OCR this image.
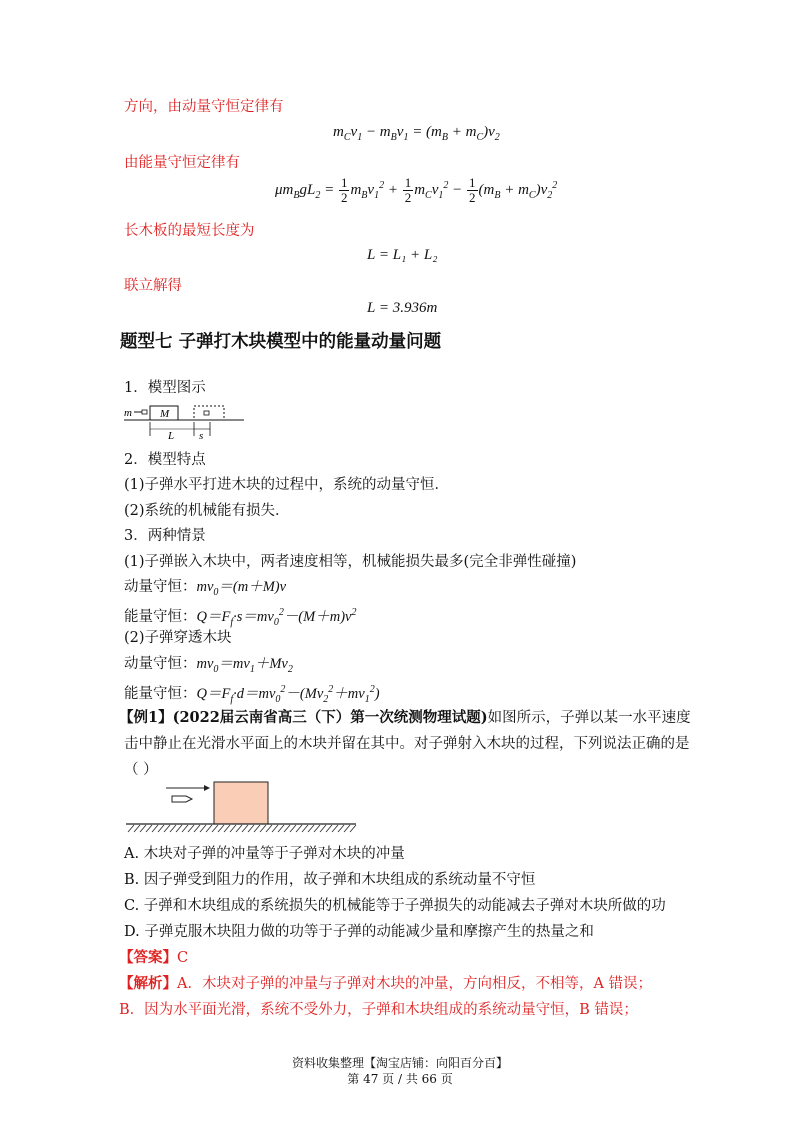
方向，由动量守恒定律有
$m_Cv_1 - m_Bv_1 = (m_B + m_C)v_2$
由能量守恒定律有
$\mu m_BgL_2 = \frac{1}{2} m_Bv_1^2 + \frac{1}{2} m_Cv_1^2 - \frac{1}{2} (m_B + m_C)v_2^2$
长木板的最短长度为
L = L₁ + L₂
联立解得
L = 3.936m
题型七 子弹打木块模型中的能量动量问题
1．模型图示
m	M
L s
2．模型特点
(1)子弹水平打进木块的过程中，系统的动量守恒．
(2)系统的机械能有损失．
3．两种情景
(1)子弹嵌入木块中，两者速度相等，机械能损失最多(完全非弹性碰撞)
动量守恒：$mv_0=(m+M)v$
能量守恒：$Q=F_f\cdot s=mv_0^2-(M+m)v^2$
(2)子弹穿透木块
动量守恒：$mv_0=mv_1+Mv_2$
能量守恒：$Q=F_f\cdot d=mv_0^2-(Mv_2^2+mv_1^2)$
【例1】(2022届云南省高三（下）第一次统测物理试题)如图所示，子弹以某一水平速度
击中静止在光滑水平面上的木块并留在其中。对子弹射入木块的过程，下列说法正确的是
（ ）
A. 木块对子弹的冲量等于子弹对木块的冲量
B. 因子弹受到阻力的作用，故子弹和木块组成的系统动量不守恒
C. 子弹和木块组成的系统损失的机械能等于子弹损失的动能减去子弹对木块所做的功
D. 子弹克服木块阻力做的功等于子弹的动能减少量和摩擦产生的热量之和
【答案】C
【解析】A．木块对子弹的冲量与子弹对木块的冲量，方向相反，不相等，A 错误；
B．因为水平面光滑，系统不受外力，子弹和木块组成的系统动量守恒，B 错误；
资料收集整理【淘宝店铺：向阳百分百】
第 47 页 / 共 66 页
